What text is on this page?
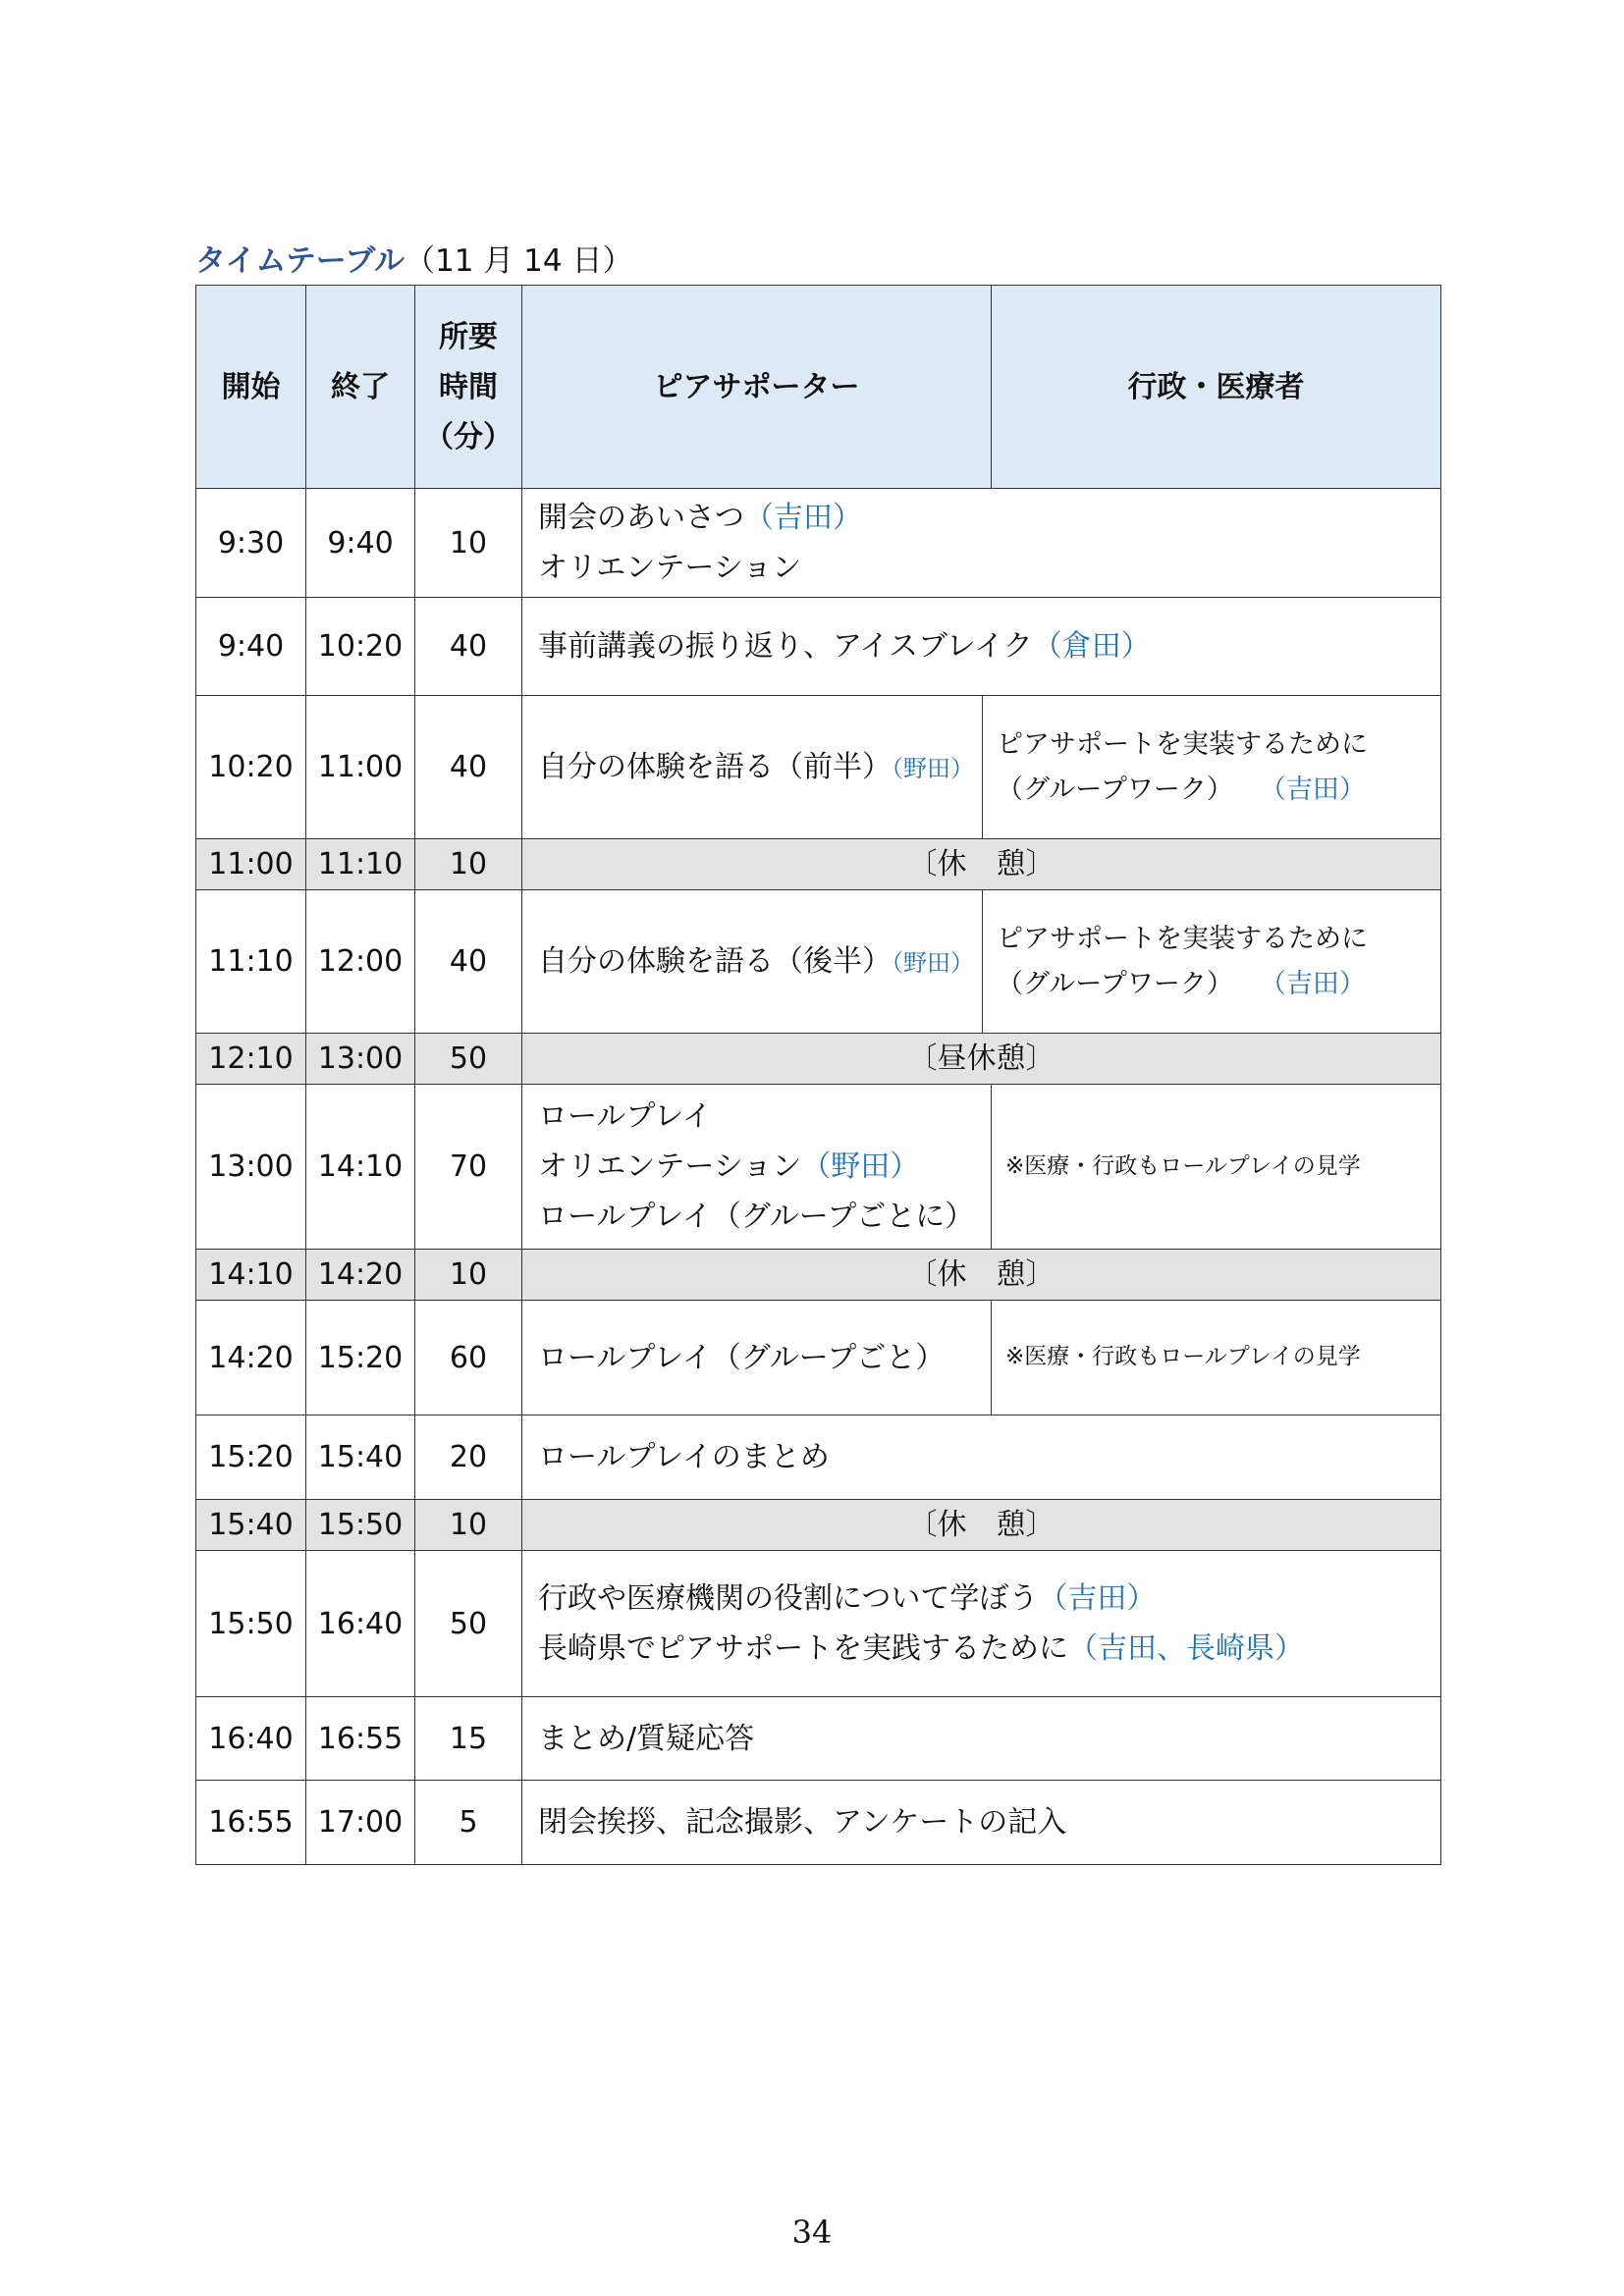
タイムテーブル（11 月 14 日）
開始	終了	所要
時間
（分）	ピアサポーター		行政・医療者
9:30	9:40	10	開会のあいさつ（吉田）
オリエンテーション		

9:40	10:20	40	事前講義の振り返り、アイスブレイク（倉田）		
10:20	11:00	40	自分の体験を語る（前半）（野田）	ピアサポートを実装するために
（グループワーク）  （吉田）	

11:00	11:10	10	〔休　憩〕		
11:10	12:00	40	自分の体験を語る（後半）（野田）	ピアサポートを実装するために
（グループワーク）  （吉田）	

12:10	13:00	50	〔昼休憩〕		
13:00	14:10	70	ロールプレイ
オリエンテーション（野田）
ロールプレイ（グループごとに）		※医療・行政もロールプレイの見学
14:10	14:20	10	〔休　憩〕		
14:20	15:20	60	ロールプレイ（グループごと）		※医療・行政もロールプレイの見学
15:20	15:40	20	ロールプレイのまとめ		
15:40	15:50	10	〔休　憩〕		
15:50	16:40	50	行政や医療機関の役割について学ぼう（吉田）
長崎県でピアサポートを実践するために（吉田、長崎県）		

16:40	16:55	15	まとめ/質疑応答		
16:55	17:00	5	閉会挨拶、記念撮影、アンケートの記入		
34
